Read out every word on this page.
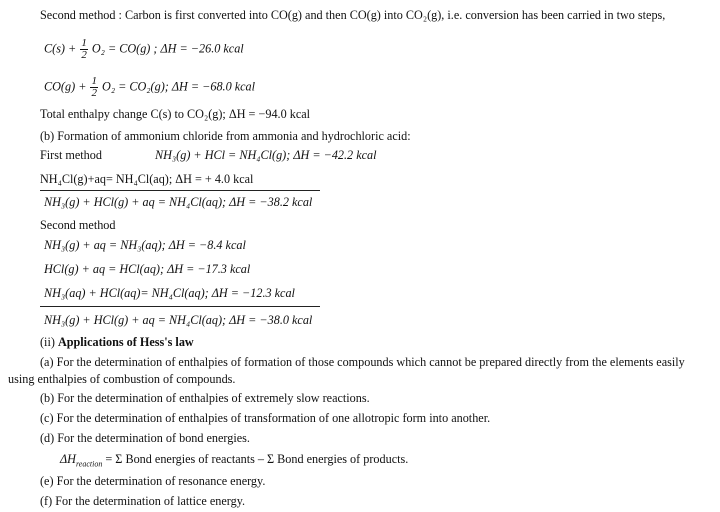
Second method : Carbon is first converted into CO(g) and then CO(g) into CO₂(g), i.e. conversion has been carried in two steps,
$C(s) + \frac{1}{2} O_2 = CO(g)$ ; ΔH = −26.0 kcal
$CO(g) + \frac{1}{2} O_2 = CO_2(g)$; ΔH = −68.0 kcal
Total enthalpy change C(s) to CO₂(g); ΔH = −94.0 kcal
(b) Formation of ammonium chloride from ammonia and hydrochloric acid:
First method	NH₃(g) + HCl = NH₄Cl(g); ΔH = −42.2 kcal
NH₄Cl(g)+aq= NH₄Cl(aq); ΔH = + 4.0 kcal
NH₃(g) + HCl(g) + aq = NH₄Cl(aq); ΔH = −38.2 kcal
Second method
NH₃(g) + aq = NH₃(aq); ΔH = −8.4 kcal
HCl(g) + aq = HCl(aq); ΔH = −17.3 kcal
NH₃(aq) + HCl(aq)= NH₄Cl(aq); ΔH = −12.3 kcal
NH₃(g) + HCl(g) + aq = NH₄Cl(aq); ΔH = −38.0 kcal
(ii) Applications of Hess's law
(a) For the determination of enthalpies of formation of those compounds which cannot be prepared directly from the elements easily
using enthalpies of combustion of compounds.
(b) For the determination of enthalpies of extremely slow reactions.
(c) For the determination of enthalpies of transformation of one allotropic form into another.
(d) For the determination of bond energies.
$\Delta H_{reaction} = \Sigma$ Bond energies of reactants – Σ Bond energies of products.
(e) For the determination of resonance energy.
(f) For the determination of lattice energy.
